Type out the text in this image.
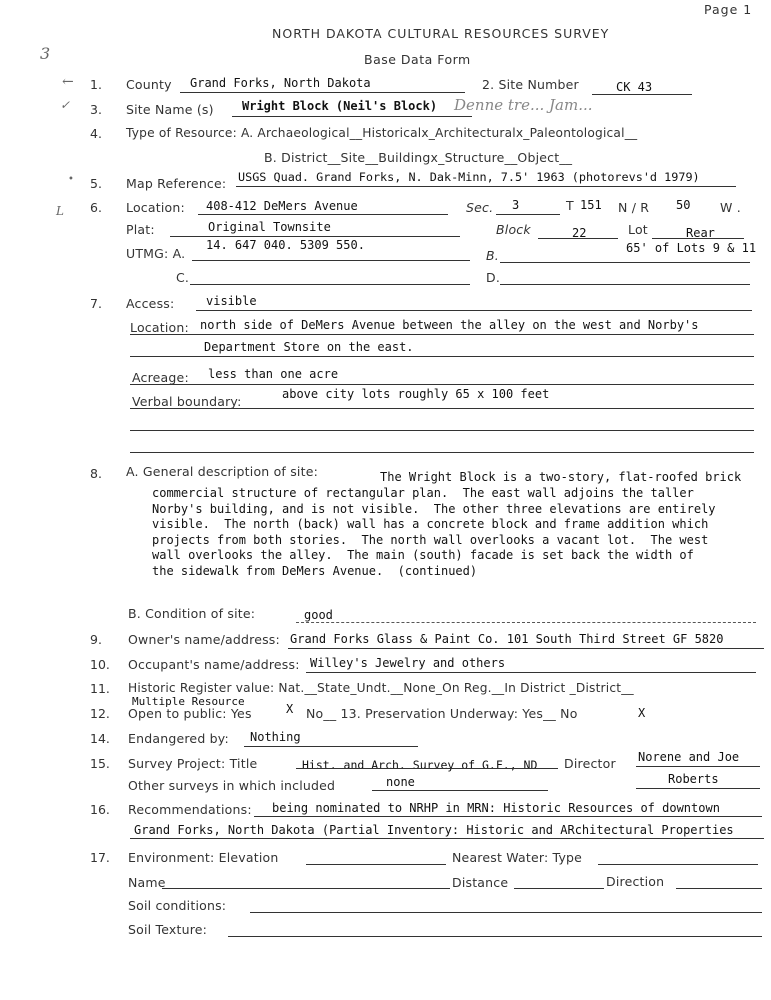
Page 1
NORTH DAKOTA CULTURAL RESOURCES SURVEY
Base Data Form
3
←
✓
•
L
1. County Grand Forks, North Dakota	2. Site Number	CK 43
3. Site Name (s) Wright Block (Neil's Block) Denne tre... Jam...
4. Type of Resource: A. Archaeological__Historicalx_Architecturalx_Paleontological__
B. District__Site__Buildingx_Structure__Object__
5. Map Reference: USGS Quad. Grand Forks, N. Dak-Minn, 7.5' 1963 (photorevs'd 1979)
6. Location: 408-412 DeMers Avenue	Sec. 3	T 151 N / R 50 W .
Plat:	Original Townsite	Block	22	Lot	Rear
UTMG: A.
14. 647 040. 5309 550.
B.	65' of Lots 9 & 11
C.	D.
7. Access:	visible
Location: north side of DeMers Avenue between the alley on the west and Norby's
Department Store on the east.
Acreage: less than one acre
Verbal boundary:	above city lots roughly 65 x 100 feet
8. A. General description of site:	The Wright Block is a two-story, flat-roofed brick
commercial structure of rectangular plan.  The east wall adjoins the taller
Norby's building, and is not visible.  The other three elevations are entirely
visible.  The north (back) wall has a concrete block and frame addition which
projects from both stories.  The north wall overlooks a vacant lot.  The west
wall overlooks the alley.  The main (south) facade is set back the width of
the sidewalk from DeMers Avenue.  (continued)
B. Condition of site:	good
9. Owner's name/address: Grand Forks Glass & Paint Co. 101 South Third Street GF 5820
10. Occupant's name/address: Willey's Jewelry and others
11. Historic Register value: Nat.__State_Undt.__None_On Reg.__In District _District__
Multiple Resource
12. Open to public: Yes	X No__ 13. Preservation Underway: Yes__ No	X
14. Endangered by: Nothing
15. Survey Project: Title	Hist. and Arch. Survey of G.F., ND Director Norene and Joe
Other surveys in which included	none	Roberts
16. Recommendations: being nominated to NRHP in MRN: Historic Resources of downtown
Grand Forks, North Dakota (Partial Inventory: Historic and ARchitectural Properties
17. Environment: Elevation	Nearest Water: Type
Name	Distance	Direction
Soil conditions:
Soil Texture:
